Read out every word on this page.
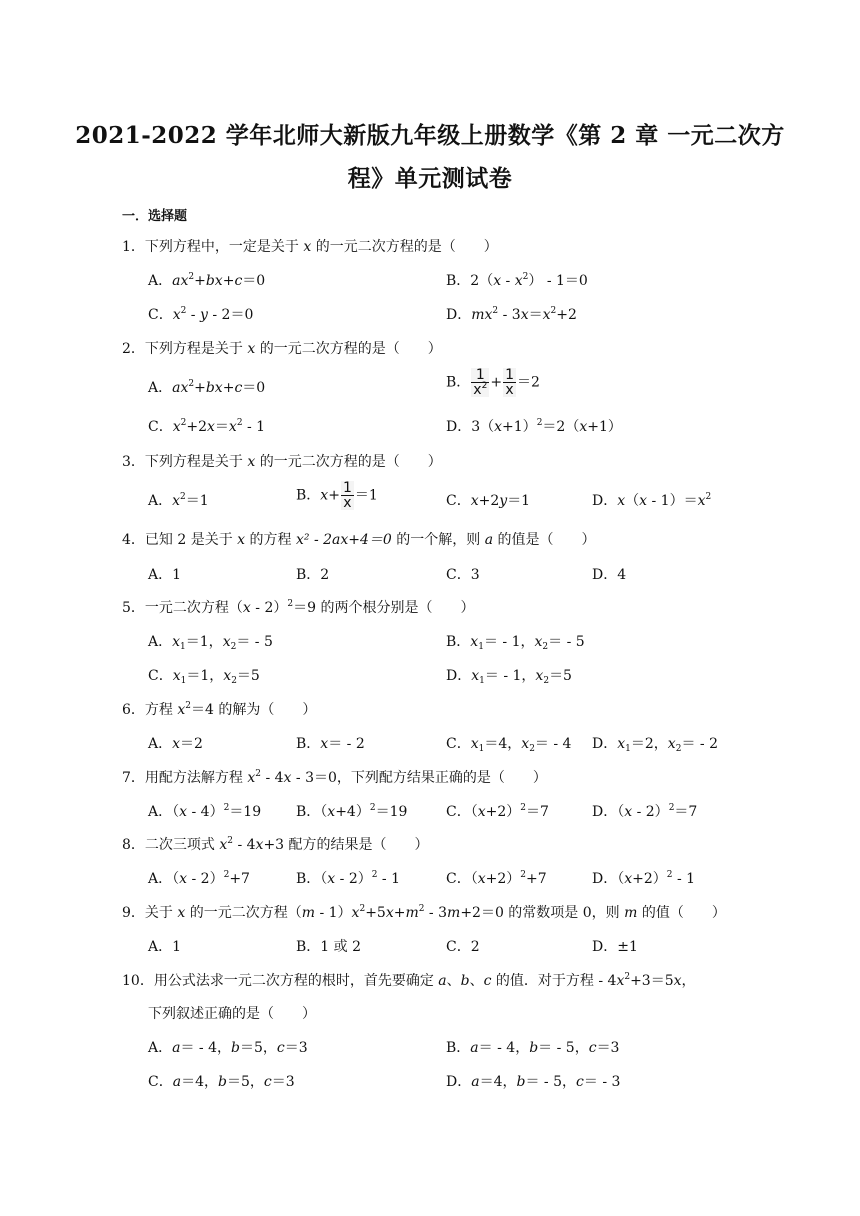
2021-2022 学年北师大新版九年级上册数学《第 2 章 一元二次方
程》单元测试卷
一．选择题
1．下列方程中，一定是关于 x 的一元二次方程的是（　　）
A．$ax^2+bx+c=0$	B．$2(x - x^2) - 1=0$
C．$x^2 - y - 2=0$	D．$mx^2 - 3x=x^2+2$
2．下列方程是关于 x 的一元二次方程的是（　　）
A．$ax^2+bx+c=0$	B． $\frac{1}{x^2} + \frac{1}{x} =2$
C．$x^2+2x=x^2 - 1$	D．$3(x+1)^2=2(x+1)$
3．下列方程是关于 x 的一元二次方程的是（　　）
A．$x^2=1$	B．$x+ \frac{1}{x} =1$	C．x+2y＝1	D．$x(x - 1)=x^2$
4．已知 2 是关于 x 的方程 x² - 2ax+4＝0 的一个解，则 a 的值是（　　）
A．1	B．2	C．3	D．4
5．一元二次方程（x - 2）$^2$＝9 的两个根分别是（　　）
A．$x_1=1$，$x_2= - 5$	B．$x_1= - 1$，$x_2= - 5$
C．$x_1=1$，$x_2=5$	D．$x_1= - 1$，$x_2=5$
6．方程 $x^2=4$ 的解为（　　）
A．x＝2	B．x＝ - 2	C．$x_1=4$，$x_2= - 4$ D．$x_1=2$，$x_2= - 2$
7．用配方法解方程 $x^2 - 4x - 3=0$，下列配方结果正确的是（　　）
A．（x - 4）$^2$＝19 B．$(x+4)^2=19$	C．$(x+2)^2=7$	D．（x - 2）$^2$＝7
8．二次三项式 $x^2 - 4x+3$ 配方的结果是（　　）
A．（x - 2）$^2$+7	B．（x - 2）$^2$ - 1	C．$(x+2)^2+7$	D．$(x+2)^2 - 1$
9．关于 x 的一元二次方程$(m - 1)x^2+5x+m^2 - 3m+2=0$ 的常数项是 0，则 m 的值（　　）
A．1	B．1 或 2	C．2	D．±1
10．用公式法求一元二次方程的根时，首先要确定 a、b、c 的值．对于方程 - $4x^2+3=5x$，
下列叙述正确的是（　　）
A．a＝ - 4，b＝5，c＝3	B．a＝ - 4，b＝ - 5，c＝3
C．a＝4，b＝5，c＝3	D．a＝4，b＝ - 5，c＝ - 3
